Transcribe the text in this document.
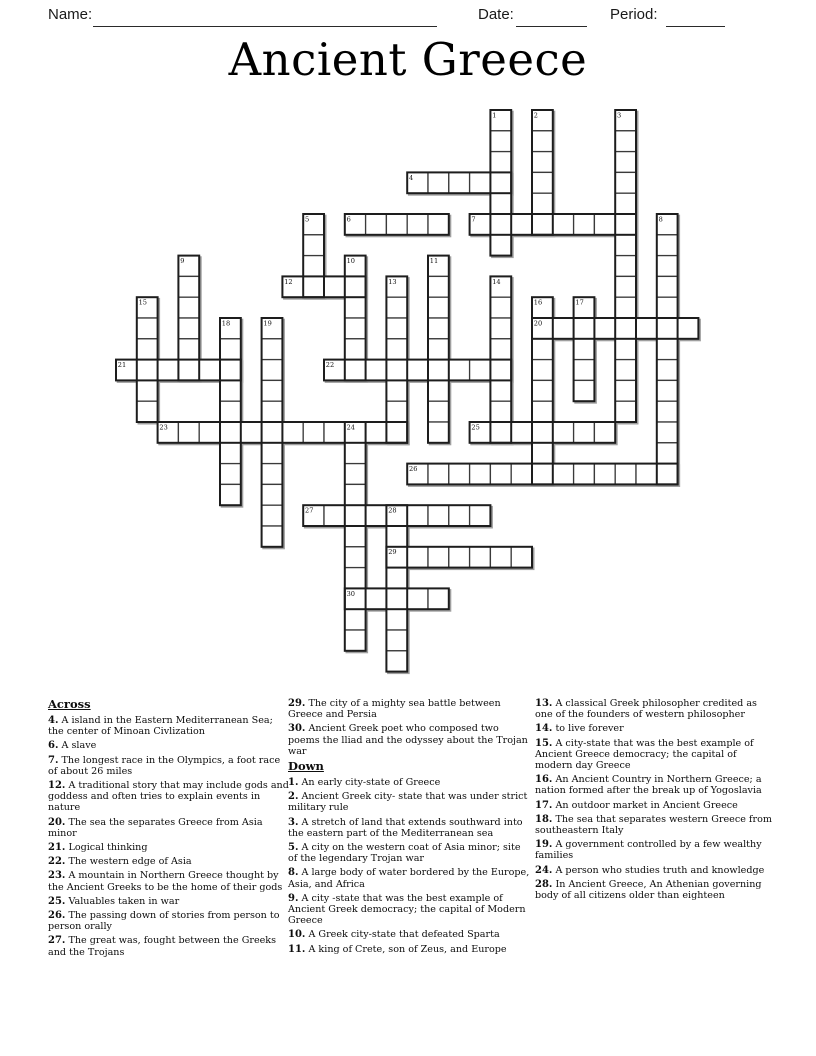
Name:	Date:	Period:
Ancient Greece
1	2	3
4
5	6	7	8
9	10	11
12	13	14
15	16	17
18	19	20
21	22
23	24	25
26
27	28
29
30
Across
4. A island in the Eastern Mediterranean Sea; the center of Minoan Civlization
6. A slave
7. The longest race in the Olympics, a foot race of about 26 miles
12. A traditional story that may include gods and goddess and often tries to explain events in nature
20. The sea the separates Greece from Asia minor
21. Logical thinking
22. The western edge of Asia
23. A mountain in Northern Greece thought by the Ancient Greeks to be the home of their gods
25. Valuables taken in war
26. The passing down of stories from person to person orally
27. The great was, fought between the Greeks and the Trojans
29. The city of a mighty sea battle between Greece and Persia
30. Ancient Greek poet who composed two poems the lliad and the odyssey about the Trojan war
Down
1. An early city-state of Greece
2. Ancient Greek city- state that was under strict military rule
3. A stretch of land that extends southward into the eastern part of the Mediterranean sea
5. A city on the western coat of Asia minor; site of the legendary Trojan war
8. A large body of water bordered by the Europe, Asia, and Africa
9. A city -state that was the best example of Ancient Greek democracy; the capital of Modern Greece
10. A Greek city-state that defeated Sparta
11. A king of Crete, son of Zeus, and Europe
13. A classical Greek philosopher credited as one of the founders of western philosopher
14. to live forever
15. A city-state that was the best example of Ancient Greece democracy; the capital of modern day Greece
16. An Ancient Country in Northern Greece; a nation formed after the break up of Yogoslavia
17. An outdoor market in Ancient Greece
18. The sea that separates western Greece from southeastern Italy
19. A government controlled by a few wealthy families
24. A person who studies truth and knowledge
28. In Ancient Greece, An Athenian governing body of all citizens older than eighteen
